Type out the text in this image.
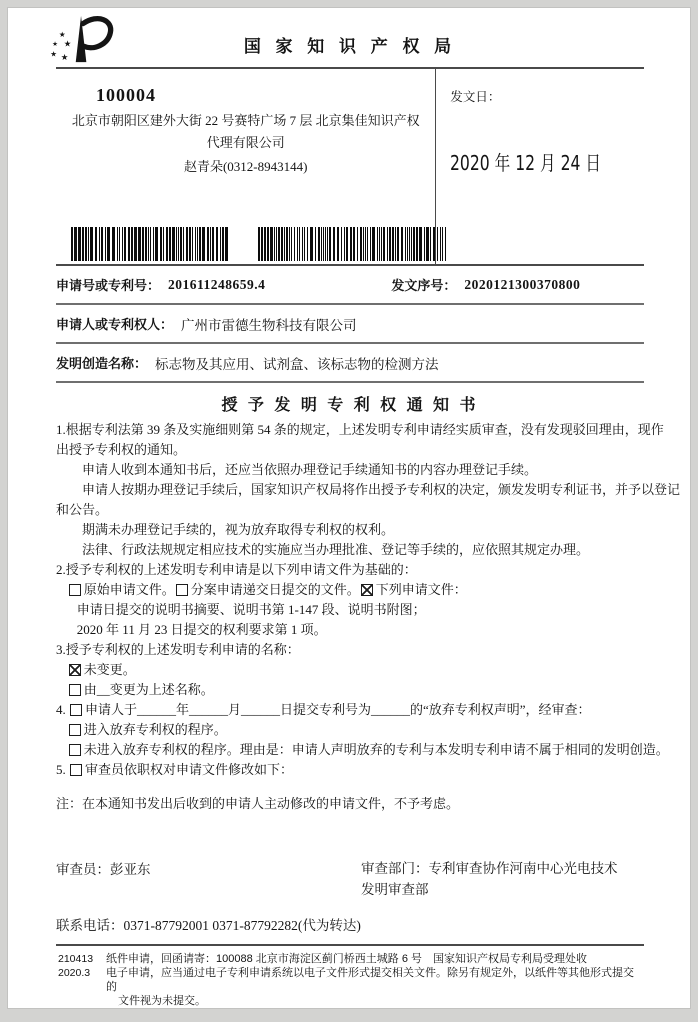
★
★ ★
★ ★
国 家 知 识 产 权 局
100004
北京市朝阳区建外大街 22 号赛特广场 7 层 北京集佳知识产权代理有限公司
赵青朵(0312-8943144)
发文日：
2020 年 12 月 24 日
申请号或专利号： 201611248659.4	发文序号： 2020121300370800
申请人或专利权人： 广州市雷德生物科技有限公司
发明创造名称： 标志物及其应用、试剂盒、该标志物的检测方法
授 予 发 明 专 利 权 通 知 书
1.根据专利法第 39 条及实施细则第 54 条的规定，上述发明专利申请经实质审查，没有发现驳回理由，现作
出授予专利权的通知。
申请人收到本通知书后，还应当依照办理登记手续通知书的内容办理登记手续。
申请人按期办理登记手续后，国家知识产权局将作出授予专利权的决定，颁发发明专利证书，并予以登记
和公告。
期满未办理登记手续的，视为放弃取得专利权的权利。
法律、行政法规规定相应技术的实施应当办理批准、登记等手续的，应依照其规定办理。
2.授予专利权的上述发明专利申请是以下列申请文件为基础的：
原始申请文件。 分案申请递交日提交的文件。 下列申请文件：
申请日提交的说明书摘要、说明书第 1-147 段、说明书附图；
2020 年 11 月 23 日提交的权利要求第 1 项。
3.授予专利权的上述发明专利申请的名称：
未变更。
由__变更为上述名称。
4. 申请人于______年______月______日提交专利号为______的“放弃专利权声明”，经审查：
进入放弃专利权的程序。
未进入放弃专利权的程序。理由是：申请人声明放弃的专利与本发明专利申请不属于相同的发明创造。
5. 审查员依职权对申请文件修改如下：
注：在本通知书发出后收到的申请人主动修改的申请文件，不予考虑。
审查员：彭亚东	审查部门：专利审查协作河南中心光电技术
发明审查部
联系电话：0371-87792001 0371-87792282(代为转达)
210413
2020.3
纸件申请，回函请寄：100088 北京市海淀区蓟门桥西土城路 6 号　国家知识产权局专利局受理处收
电子申请，应当通过电子专利申请系统以电子文件形式提交相关文件。除另有规定外，以纸件等其他形式提交的
文件视为未提交。
